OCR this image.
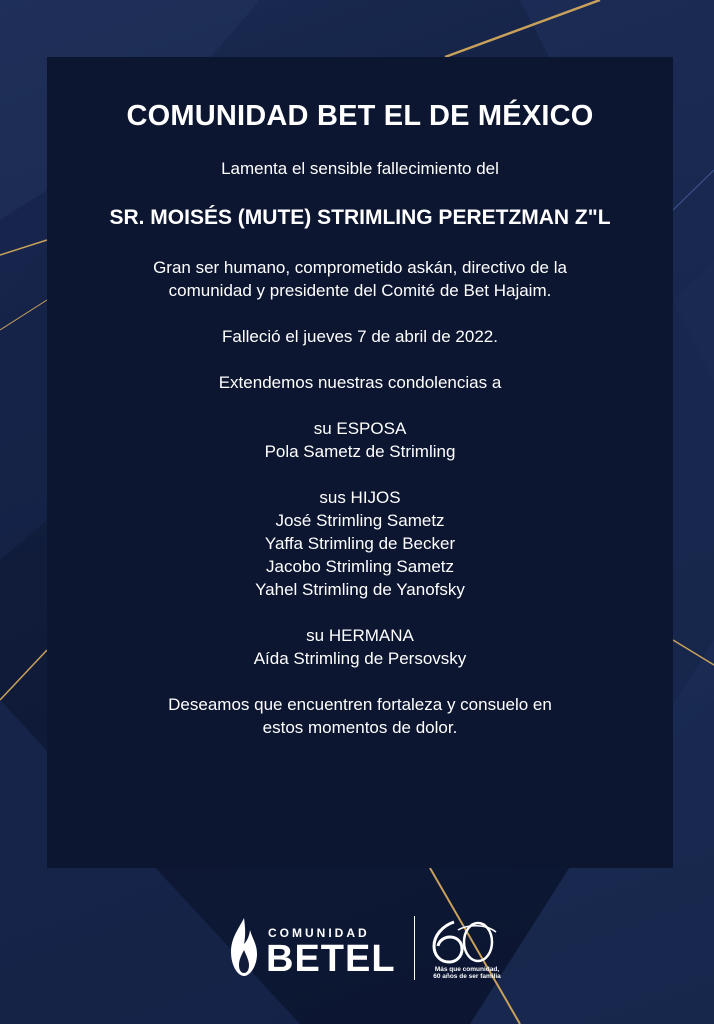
COMUNIDAD BET EL DE MÉXICO
Lamenta el sensible fallecimiento del
SR. MOISÉS (MUTE) STRIMLING PERETZMAN Z"L

Gran ser humano, comprometido askán, directivo de la
comunidad y presidente del Comité de Bet Hajaim.

Falleció el jueves 7 de abril de 2022.

Extendemos nuestras condolencias a

su ESPOSA
Pola Sametz de Strimling

sus HIJOS
José Strimling Sametz
Yaffa Strimling de Becker
Jacobo Strimling Sametz
Yahel Strimling de Yanofsky

su HERMANA
Aída Strimling de Persovsky

Deseamos que encuentren fortaleza y consuelo en
estos momentos de dolor.

COMUNIDAD
BETEL	60
Más que comunidad,
60 años de ser familia
